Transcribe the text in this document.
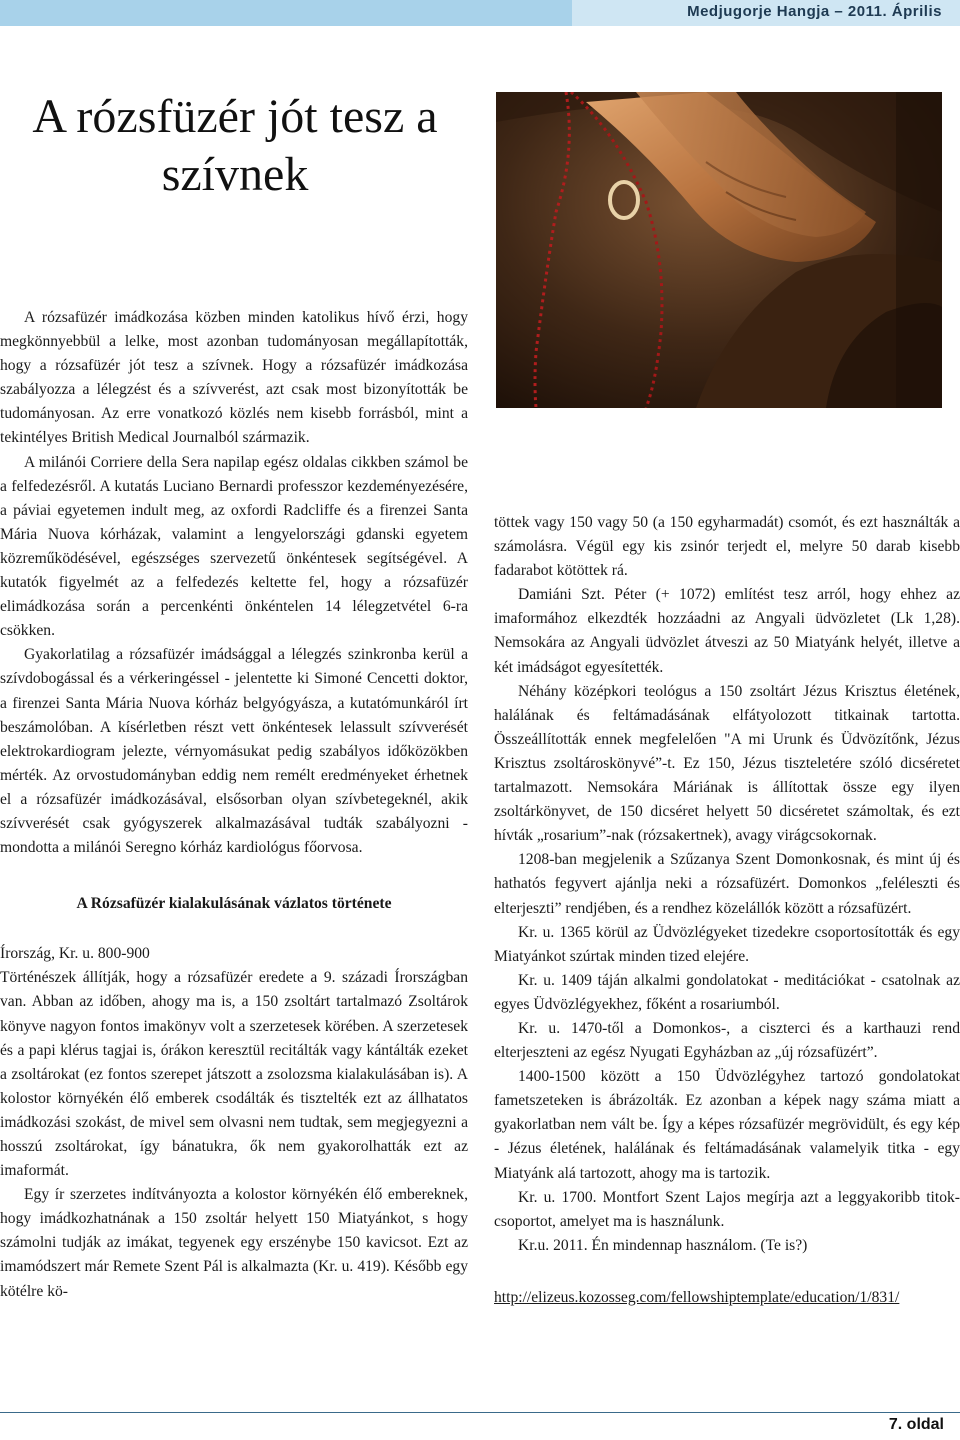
Medjugorje Hangja – 2011. Április
A rózsfüzér jót tesz a
szívnek

A rózsafüzér imádkozása közben minden katolikus hívő érzi, hogy megkönnyebbül a lelke, most azonban tudományosan megállapították, hogy a rózsafüzér jót tesz a szívnek. Hogy a rózsafüzér imádkozása szabályozza a lélegzést és a szívverést, azt csak most bizonyították be tudományosan. Az erre vonatkozó közlés nem kisebb forrásból, mint a tekintélyes British Medical Journalból származik.

A milánói Corriere della Sera napilap egész oldalas cikkben számol be a felfedezésről. A kutatás Luciano Bernardi professzor kezdeményezésére, a páviai egyetemen indult meg, az oxfordi Radcliffe és a firenzei Santa Mária Nuova kórházak, valamint a lengyelországi gdanski egyetem közreműködésével, egészséges szervezetű önkéntesek segítségével. A kutatók figyelmét az a felfedezés keltette fel, hogy a rózsafüzér elimádkozása során a percenkénti önkéntelen 14 lélegzetvétel 6-ra csökken.

Gyakorlatilag a rózsafüzér imádsággal a lélegzés szinkronba kerül a szívdobogással és a vérkeringéssel - jelentette ki Simoné Cencetti doktor, a firenzei Santa Mária Nuova kórház belgyógyásza, a kutatómunkáról írt beszámolóban. A kísérletben részt vett önkéntesek lelassult szívverését elektrokardiogram jelezte, vérnyomásukat pedig szabályos időközökben mérték. Az orvostudományban eddig nem remélt eredményeket érhetnek el a rózsafüzér imádkozásával, elsősorban olyan szívbetegeknél, akik szívverését csak gyógyszerek alkalmazásával tudták szabályozni - mondotta a milánói Seregno kórház kardiológus főorvosa.

A Rózsafüzér kialakulásának vázlatos története

Írország, Kr. u. 800-900

Történészek állítják, hogy a rózsafüzér eredete a 9. századi Írországban van. Abban az időben, ahogy ma is, a 150 zsoltárt tartalmazó Zsoltárok könyve nagyon fontos imakönyv volt a szerzetesek körében. A szerzetesek és a papi klérus tagjai is, órákon keresztül recitálták vagy kántálták ezeket a zsoltárokat (ez fontos szerepet játszott a zsolozsma kialakulásában is). A kolostor környékén élő emberek csodálták és tisztelték ezt az állhatatos imádkozási szokást, de mivel sem olvasni nem tudtak, sem megjegyezni a hosszú zsoltárokat, így bánatukra, ők nem gyakorolhatták ezt az imaformát.

Egy ír szerzetes indítványozta a kolostor környékén élő embereknek, hogy imádkozhatnának a 150 zsoltár helyett 150 Miatyánkot, s hogy számolni tudják az imákat, tegyenek egy erszénybe 150 kavicsot. Ezt az imamódszert már Remete Szent Pál is alkalmazta (Kr. u. 419). Később egy kötélre kö-

töttek vagy 150 vagy 50 (a 150 egyharmadát) csomót, és ezt használták a számolásra. Végül egy kis zsinór terjedt el, melyre 50 darab kisebb fadarabot kötöttek rá.

Damiáni Szt. Péter (+ 1072) említést tesz arról, hogy ehhez az imaformához elkezdték hozzáadni az Angyali üdvözletet (Lk 1,28). Nemsokára az Angyali üdvözlet átveszi az 50 Miatyánk helyét, illetve a két imádságot egyesítették.

Néhány középkori teológus a 150 zsoltárt Jézus Krisztus életének, halálának és feltámadásának elfátyolozott titkainak tartotta. Összeállították ennek megfelelően "A mi Urunk és Üdvözítőnk, Jézus Krisztus zsoltároskönyvé”-t. Ez 150, Jézus tiszteletére szóló dicséretet tartalmazott. Nemsokára Máriának is állítottak össze egy ilyen zsoltárkönyvet, de 150 dicséret helyett 50 dicséretet számoltak, és ezt hívták „rosarium”-nak (rózsakertnek), avagy virágcsokornak.

1208-ban megjelenik a Szűzanya Szent Domonkosnak, és mint új és hathatós fegyvert ajánlja neki a rózsafüzért. Domonkos „feléleszti és elterjeszti” rendjében, és a rendhez közelállók között a rózsafüzért.

Kr. u. 1365 körül az Üdvözlégyeket tizedekre csoportosították és egy Miatyánkot szúrtak minden tized elejére.

Kr. u. 1409 táján alkalmi gondolatokat - meditációkat - csatolnak az egyes Üdvözlégyekhez, főként a rosariumból.

Kr. u. 1470-től a Domonkos-, a ciszterci és a karthauzi rend elterjeszteni az egész Nyugati Egyházban az „új rózsafüzért”.

1400-1500 között a 150 Üdvözlégyhez tartozó gondolatokat fametszeteken is ábrázolták. Ez azonban a képek nagy száma miatt a gyakorlatban nem vált be. Így a képes rózsafüzér megrövidült, és egy kép - Jézus életének, halálának és feltámadásának valamelyik titka - egy Miatyánk alá tartozott, ahogy ma is tartozik.

Kr. u. 1700. Montfort Szent Lajos megírja azt a leggyakoribb titok-csoportot, amelyet ma is használunk.

Kr.u. 2011. Én mindennap használom. (Te is?)

http://elizeus.kozosseg.com/fellowshiptemplate/education/1/831/

7. oldal
